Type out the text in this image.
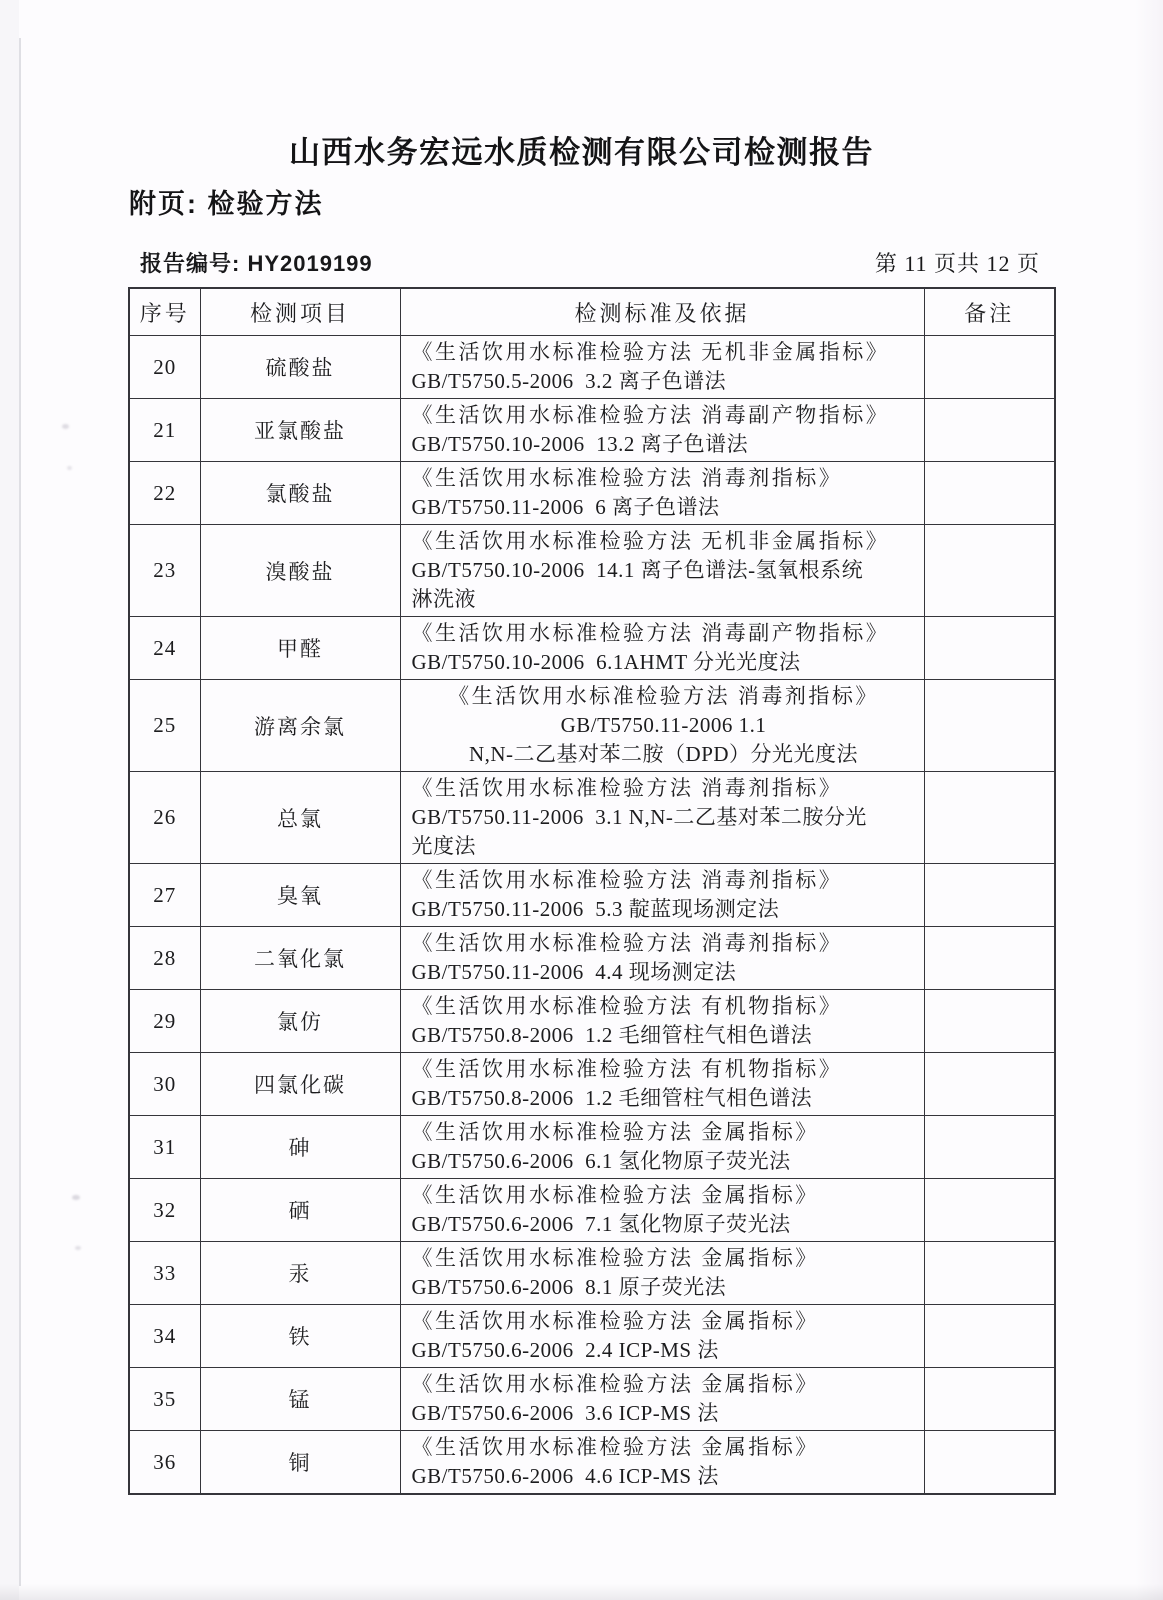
山西水务宏远水质检测有限公司检测报告
附页: 检验方法
报告编号: HY2019199	第 11 页共 12 页
序号	检测项目	检测标准及依据	备注
20	硫酸盐	《生活饮用水标准检验方法 无机非金属指标》
GB/T5750.5-2006  3.2 离子色谱法	

21	亚氯酸盐	《生活饮用水标准检验方法 消毒副产物指标》
GB/T5750.10-2006  13.2 离子色谱法	

22	氯酸盐	《生活饮用水标准检验方法 消毒剂指标》
GB/T5750.11-2006  6 离子色谱法	

23	溴酸盐	《生活饮用水标准检验方法 无机非金属指标》
GB/T5750.10-2006  14.1 离子色谱法-氢氧根系统
淋洗液	

24	甲醛	《生活饮用水标准检验方法 消毒副产物指标》
GB/T5750.10-2006  6.1AHMT 分光光度法	

25	游离余氯	《生活饮用水标准检验方法 消毒剂指标》
GB/T5750.11-2006 1.1
N,N-二乙基对苯二胺（DPD）分光光度法	

26	总氯	《生活饮用水标准检验方法 消毒剂指标》
GB/T5750.11-2006  3.1 N,N-二乙基对苯二胺分光
光度法	

27	臭氧	《生活饮用水标准检验方法 消毒剂指标》
GB/T5750.11-2006  5.3 靛蓝现场测定法	

28	二氧化氯	《生活饮用水标准检验方法 消毒剂指标》
GB/T5750.11-2006  4.4 现场测定法	

29	氯仿	《生活饮用水标准检验方法 有机物指标》
GB/T5750.8-2006  1.2 毛细管柱气相色谱法	

30	四氯化碳	《生活饮用水标准检验方法 有机物指标》
GB/T5750.8-2006  1.2 毛细管柱气相色谱法	

31	砷	《生活饮用水标准检验方法 金属指标》
GB/T5750.6-2006  6.1 氢化物原子荧光法	

32	硒	《生活饮用水标准检验方法 金属指标》
GB/T5750.6-2006  7.1 氢化物原子荧光法	

33	汞	《生活饮用水标准检验方法 金属指标》
GB/T5750.6-2006  8.1 原子荧光法	

34	铁	《生活饮用水标准检验方法 金属指标》
GB/T5750.6-2006  2.4 ICP-MS 法	

35	锰	《生活饮用水标准检验方法 金属指标》
GB/T5750.6-2006  3.6 ICP-MS 法	

36	铜	《生活饮用水标准检验方法 金属指标》
GB/T5750.6-2006  4.6 ICP-MS 法	
